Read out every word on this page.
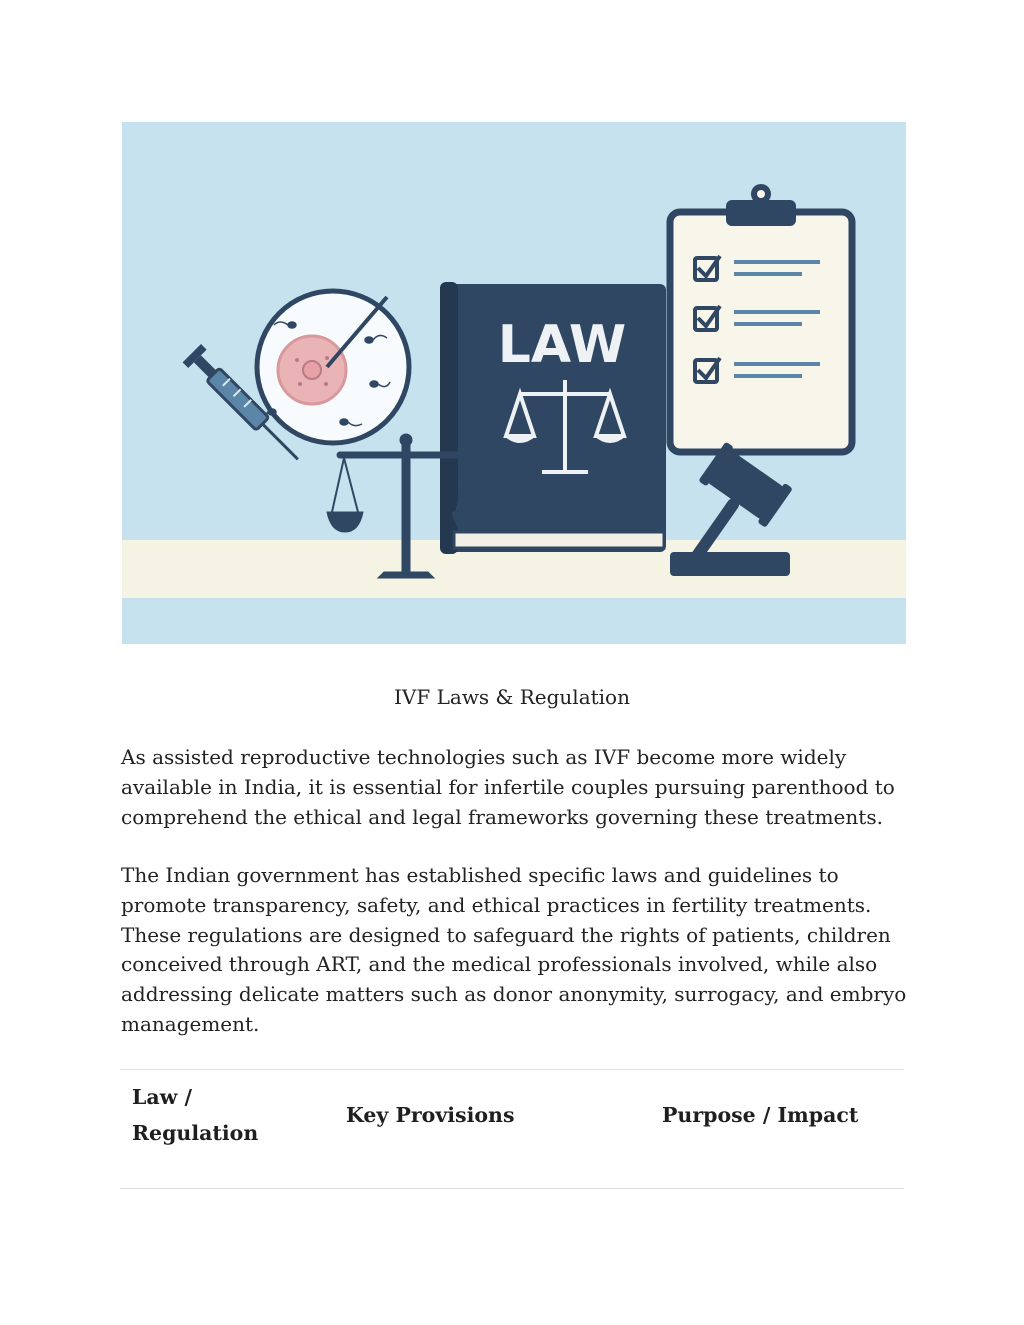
LAW
IVF Laws & Regulation

As assisted reproductive technologies such as IVF become more widely available in India, it is essential for infertile couples pursuing parenthood to comprehend the ethical and legal frameworks governing these treatments.

The Indian government has established specific laws and guidelines to promote transparency, safety, and ethical practices in fertility treatments. These regulations are designed to safeguard the rights of patients, children conceived through ART, and the medical professionals involved, while also addressing delicate matters such as donor anonymity, surrogacy, and embryo management.

Law / Regulation
Key Provisions	Purpose / Impact
